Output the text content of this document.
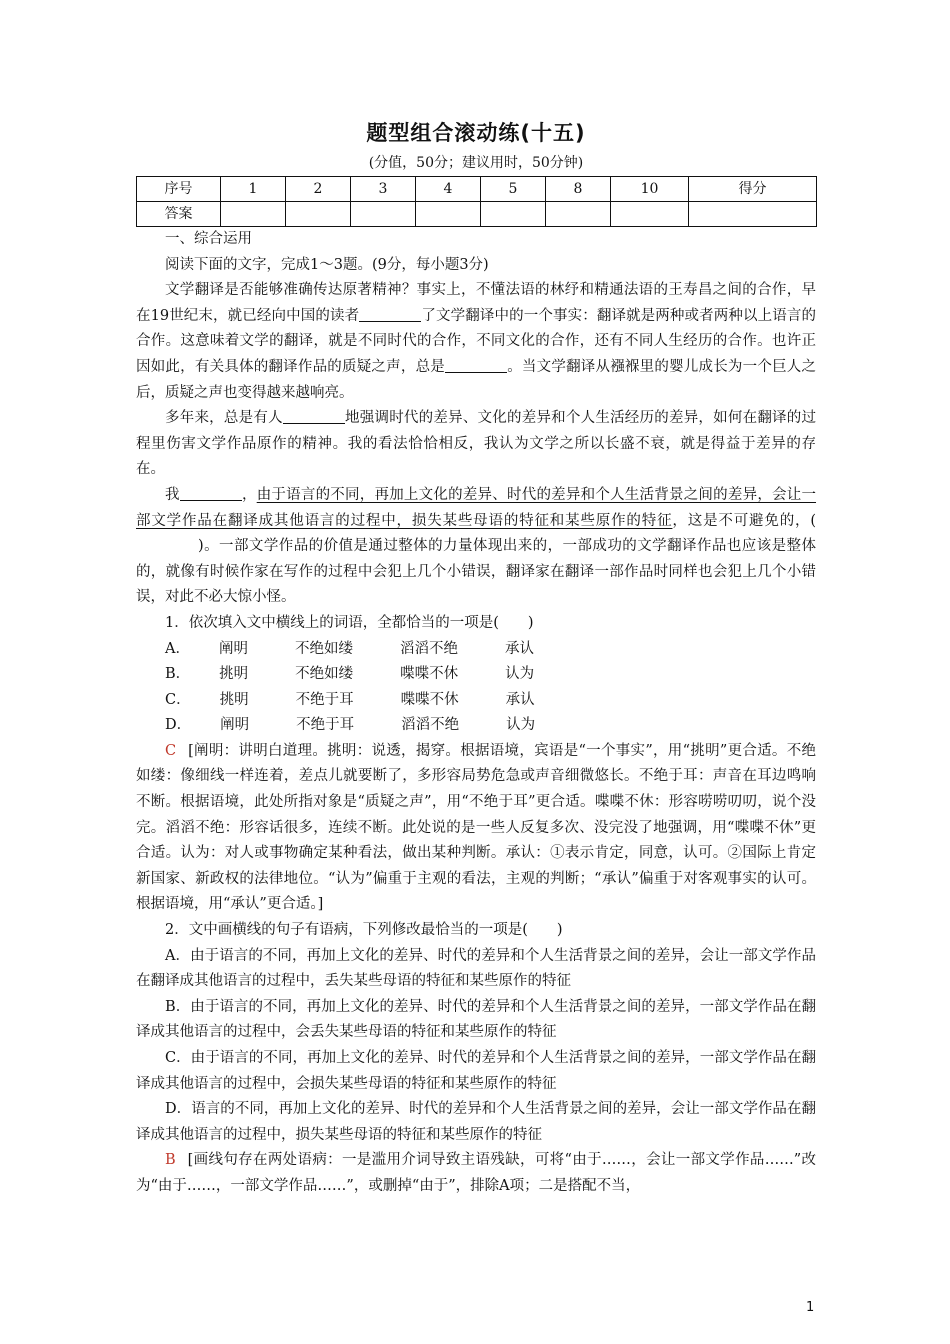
题型组合滚动练(十五)
(分值，50分；建议用时，50分钟)
序号	1	2	3	4	5	8	10	得分
答案								

一、综合运用

阅读下面的文字，完成1～3题。(9分，每小题3分)

文学翻译是否能够准确传达原著精神？事实上，不懂法语的林纾和精通法语的王寿昌之间的合作，早在19世纪末，就已经向中国的读者	了文学翻译中的一个事实：翻译就是两种或者两种以上语言的合作。这意味着文学的翻译，就是不同时代的合作，不同文化的合作，还有不同人生经历的合作。也许正因如此，有关具体的翻译作品的质疑之声，总是	。当文学翻译从襁褓里的婴儿成长为一个巨人之后，质疑之声也变得越来越响亮。

多年来，总是有人	地强调时代的差异、文化的差异和个人生活经历的差异，如何在翻译的过程里伤害文学作品原作的精神。我的看法恰恰相反，我认为文学之所以长盛不衰，就是得益于差异的存在。

我	，由于语言的不同，再加上文化的差异、时代的差异和个人生活背景之间的差异，会让一部文学作品在翻译成其他语言的过程中，损失某些母语的特征和某些原作的特征，这是不可避免的，()。一部文学作品的价值是通过整体的力量体现出来的，一部成功的文学翻译作品也应该是整体的，就像有时候作家在写作的过程中会犯上几个小错误，翻译家在翻译一部作品时同样也会犯上几个小错误，对此不必大惊小怪。

1．依次填入文中横线上的词语，全都恰当的一项是(　　)

A． 阐明	不绝如缕	滔滔不绝	承认

B． 挑明	不绝如缕	喋喋不休	认为

C． 挑明	不绝于耳	喋喋不休	承认

D． 阐明	不绝于耳	滔滔不绝	认为

C [阐明：讲明白道理。挑明：说透，揭穿。根据语境，宾语是“一个事实”，用“挑明”更合适。不绝如缕：像细线一样连着，差点儿就要断了，多形容局势危急或声音细微悠长。不绝于耳：声音在耳边鸣响不断。根据语境，此处所指对象是“质疑之声”，用“不绝于耳”更合适。喋喋不休：形容唠唠叨叨，说个没完。滔滔不绝：形容话很多，连续不断。此处说的是一些人反复多次、没完没了地强调，用“喋喋不休”更合适。认为：对人或事物确定某种看法，做出某种判断。承认：①表示肯定，同意，认可。②国际上肯定新国家、新政权的法律地位。“认为”偏重于主观的看法，主观的判断；“承认”偏重于对客观事实的认可。根据语境，用“承认”更合适。]

2．文中画横线的句子有语病，下列修改最恰当的一项是(　　)

A．由于语言的不同，再加上文化的差异、时代的差异和个人生活背景之间的差异，会让一部文学作品在翻译成其他语言的过程中，丢失某些母语的特征和某些原作的特征

B．由于语言的不同，再加上文化的差异、时代的差异和个人生活背景之间的差异，一部文学作品在翻译成其他语言的过程中，会丢失某些母语的特征和某些原作的特征

C．由于语言的不同，再加上文化的差异、时代的差异和个人生活背景之间的差异，一部文学作品在翻译成其他语言的过程中，会损失某些母语的特征和某些原作的特征

D．语言的不同，再加上文化的差异、时代的差异和个人生活背景之间的差异，会让一部文学作品在翻译成其他语言的过程中，损失某些母语的特征和某些原作的特征

B [画线句存在两处语病：一是滥用介词导致主语残缺，可将“由于……，会让一部文学作品……”改为“由于……，一部文学作品……”，或删掉“由于”，排除A项；二是搭配不当，

1
